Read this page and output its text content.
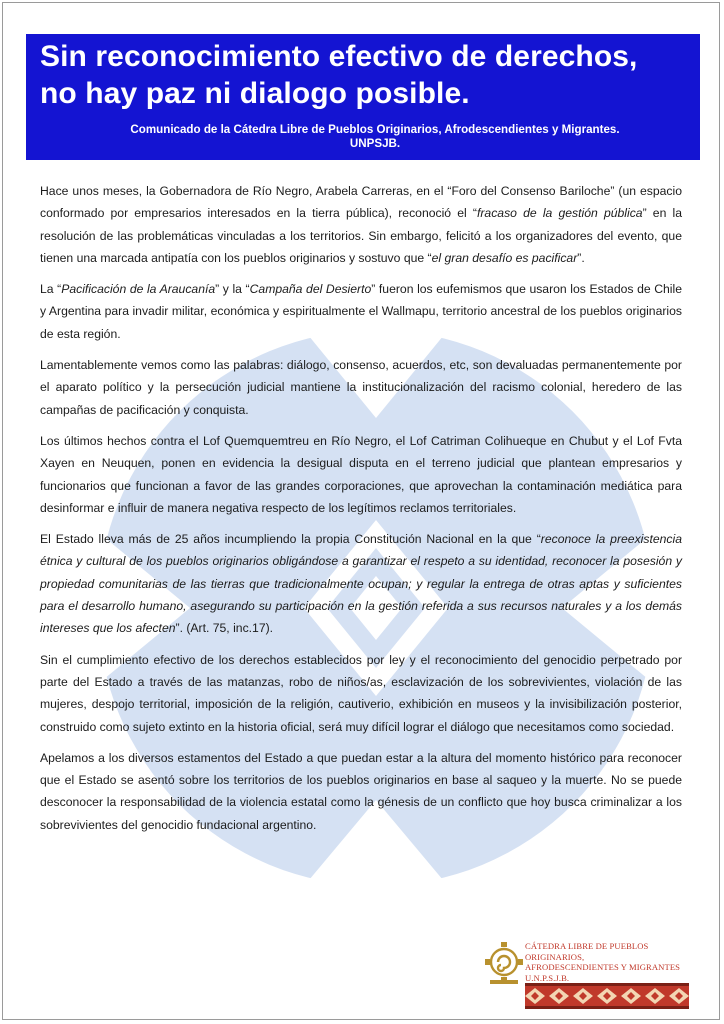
Sin reconocimiento efectivo de derechos,
no hay paz ni dialogo posible.
Comunicado de la Cátedra Libre de Pueblos Originarios, Afrodescendientes y Migrantes.
UNPSJB.

Hace unos meses, la Gobernadora de Río Negro, Arabela Carreras, en el “Foro del Consenso Bariloche” (un espacio conformado por empresarios interesados en la tierra pública), reconoció el “fracaso de la gestión pública” en la resolución de las problemáticas vinculadas a los territorios. Sin embargo, felicitó a los organizadores del evento, que tienen una marcada antipatía con los pueblos originarios y sostuvo que “el gran desafío es pacificar”.

La “Pacificación de la Araucanía” y la “Campaña del Desierto” fueron los eufemismos que usaron los Estados de Chile y Argentina para invadir militar, económica y espiritualmente el Wallmapu, territorio ancestral de los pueblos originarios de esta región.

Lamentablemente vemos como las palabras: diálogo, consenso, acuerdos, etc, son devaluadas permanentemente por el aparato político y la persecución judicial mantiene la institucionalización del racismo colonial, heredero de las campañas de pacificación y conquista.

Los últimos hechos contra el Lof Quemquemtreu en Río Negro, el Lof Catriman Colihueque en Chubut y el Lof Fvta Xayen en Neuquen, ponen en evidencia la desigual disputa en el terreno judicial que plantean empresarios y funcionarios que funcionan a favor de las grandes corporaciones, que aprovechan la contaminación mediática para desinformar e influir de manera negativa respecto de los legítimos reclamos territoriales.

El Estado lleva más de 25 años incumpliendo la propia Constitución Nacional en la que “reconoce la preexistencia étnica y cultural de los pueblos originarios obligándose a garantizar el respeto a su identidad, reconocer la posesión y propiedad comunitarias de las tierras que tradicionalmente ocupan; y regular la entrega de otras aptas y suficientes para el desarrollo humano, asegurando su participación en la gestión referida a sus recursos naturales y a los demás intereses que los afecten”. (Art. 75, inc.17).

Sin el cumplimiento efectivo de los derechos establecidos por ley y el reconocimiento del genocidio perpetrado por parte del Estado a través de las matanzas, robo de niños/as, esclavización de los sobrevivientes, violación de las mujeres, despojo territorial, imposición de la religión, cautiverio, exhibición en museos y la invisibilización posterior, construido como sujeto extinto en la historia oficial, será muy difícil lograr el diálogo que necesitamos como sociedad.

Apelamos a los diversos estamentos del Estado a que puedan estar a la altura del momento histórico para reconocer que el Estado se asentó sobre los territorios de los pueblos originarios en base al saqueo y la muerte. No se puede desconocer la responsabilidad de la violencia estatal como la génesis de un conflicto que hoy busca criminalizar a los sobrevivientes del genocidio fundacional argentino.

CÁTEDRA LIBRE DE PUEBLOS ORIGINARIOS,
AFRODESCENDIENTES Y MIGRANTES
U.N.P.S.J.B.
